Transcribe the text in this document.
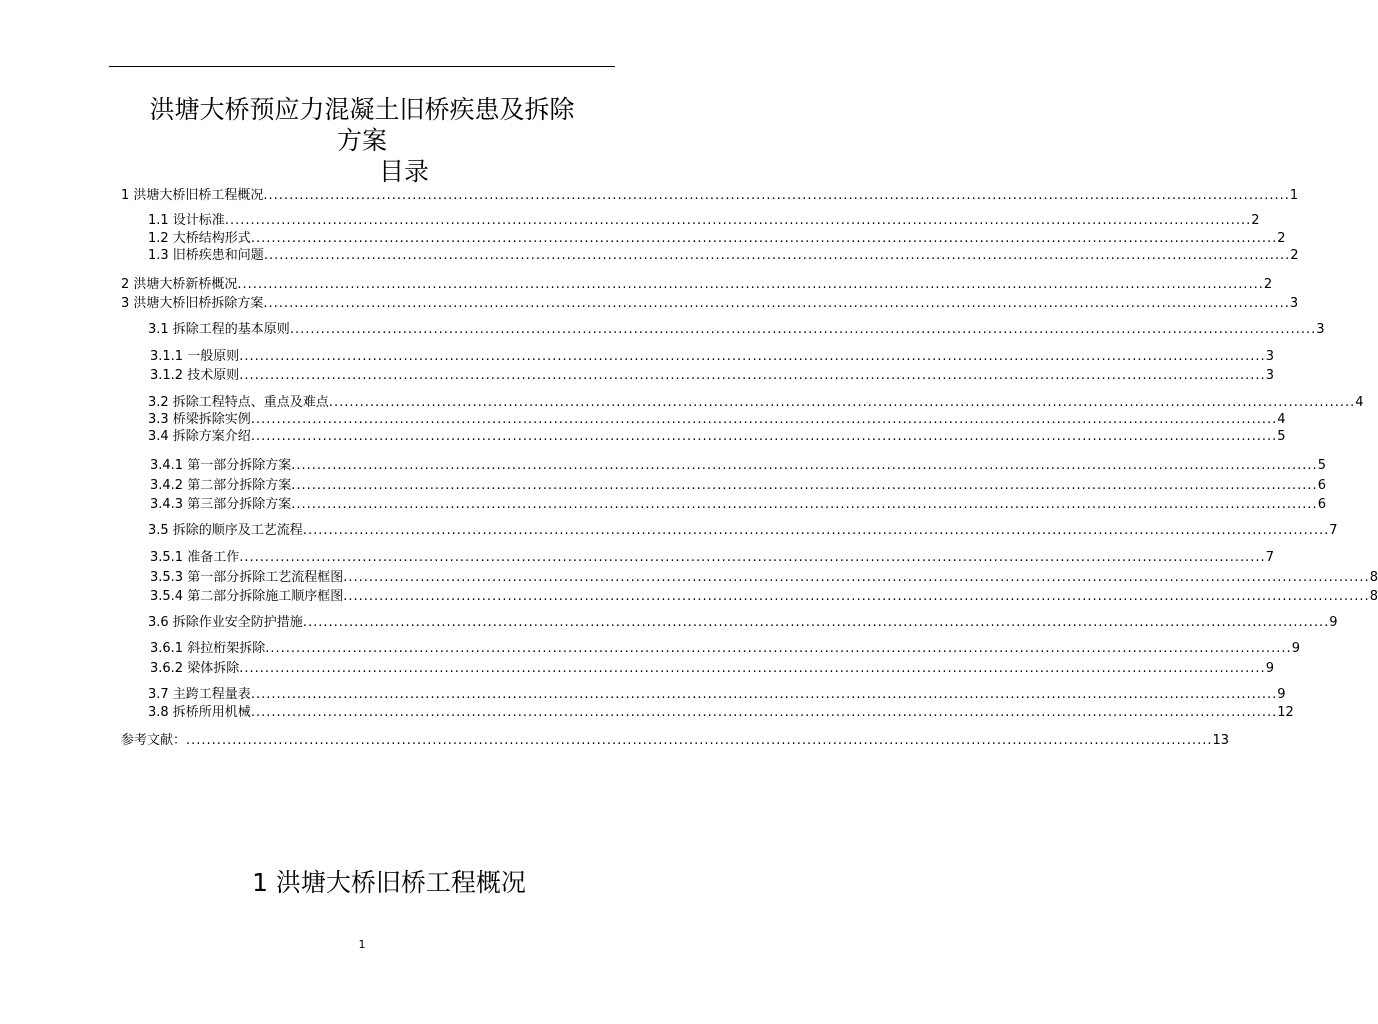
洪塘大桥预应力混凝土旧桥疾患及拆除
方案
目录
1 洪塘大桥旧桥工程概况 ........................................................................................................................................................................................................ 1
1.1 设计标准 ........................................................................................................................................................................................................ 2
1.2 大桥结构形式 ........................................................................................................................................................................................................ 2
1.3 旧桥疾患和问题 ........................................................................................................................................................................................................ 2
2 洪塘大桥新桥概况 ........................................................................................................................................................................................................ 2
3 洪塘大桥旧桥拆除方案 ........................................................................................................................................................................................................ 3
3.1 拆除工程的基本原则 ........................................................................................................................................................................................................ 3
3.1.1 一般原则 ........................................................................................................................................................................................................ 3
3.1.2 技术原则 ........................................................................................................................................................................................................ 3
3.2 拆除工程特点、重点及难点 ........................................................................................................................................................................................................ 4
3.3 桥梁拆除实例 ........................................................................................................................................................................................................ 4
3.4 拆除方案介绍 ........................................................................................................................................................................................................ 5
3.4.1 第一部分拆除方案 ........................................................................................................................................................................................................ 5
3.4.2 第二部分拆除方案 ........................................................................................................................................................................................................ 6
3.4.3 第三部分拆除方案 ........................................................................................................................................................................................................ 6
3.5 拆除的顺序及工艺流程 ........................................................................................................................................................................................................ 7
3.5.1 准备工作 ........................................................................................................................................................................................................ 7
3.5.3 第一部分拆除工艺流程框图 ........................................................................................................................................................................................................ 8
3.5.4 第二部分拆除施工顺序框图 ........................................................................................................................................................................................................ 8
3.6 拆除作业安全防护措施 ........................................................................................................................................................................................................ 9
3.6.1 斜拉桁架拆除 ........................................................................................................................................................................................................ 9
3.6.2 梁体拆除 ........................................................................................................................................................................................................ 9
3.7 主跨工程量表 ........................................................................................................................................................................................................ 9
3.8 拆桥所用机械 ........................................................................................................................................................................................................ 12
参考文献： ........................................................................................................................................................................................................ 13
1 洪塘大桥旧桥工程概况
1
